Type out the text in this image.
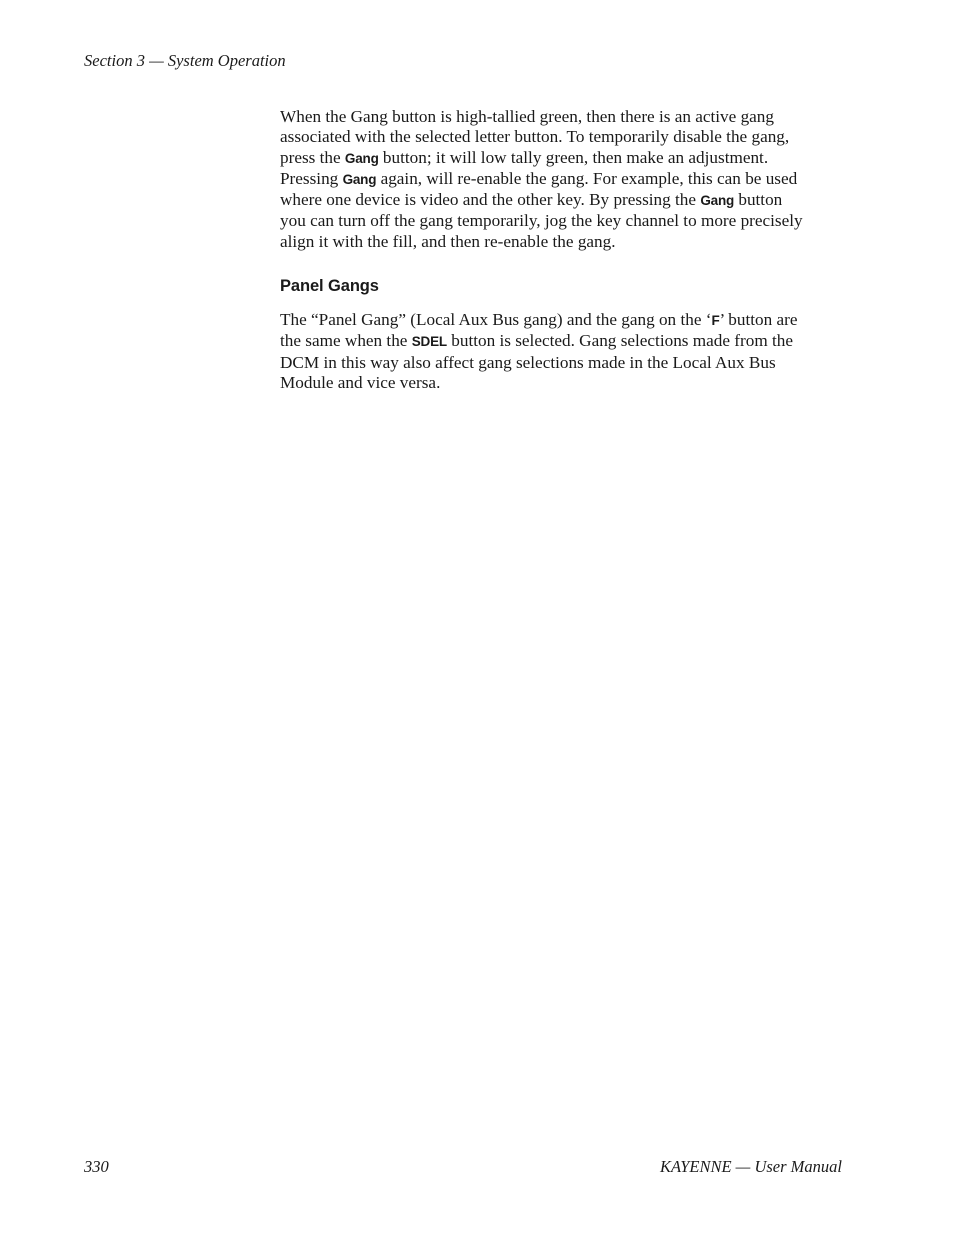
Section 3 — System Operation

When the Gang button is high-tallied green, then there is an active gang
associated with the selected letter button. To temporarily disable the gang,
press the Gang button; it will low tally green, then make an adjustment.
Pressing Gang again, will re-enable the gang. For example, this can be used
where one device is video and the other key. By pressing the Gang button
you can turn off the gang temporarily, jog the key channel to more precisely
align it with the fill, and then re-enable the gang.

Panel Gangs

The “Panel Gang” (Local Aux Bus gang) and the gang on the ‘F’ button are
the same when the SDEL button is selected. Gang selections made from the
DCM in this way also affect gang selections made in the Local Aux Bus
Module and vice versa.

330	KAYENNE — User Manual
